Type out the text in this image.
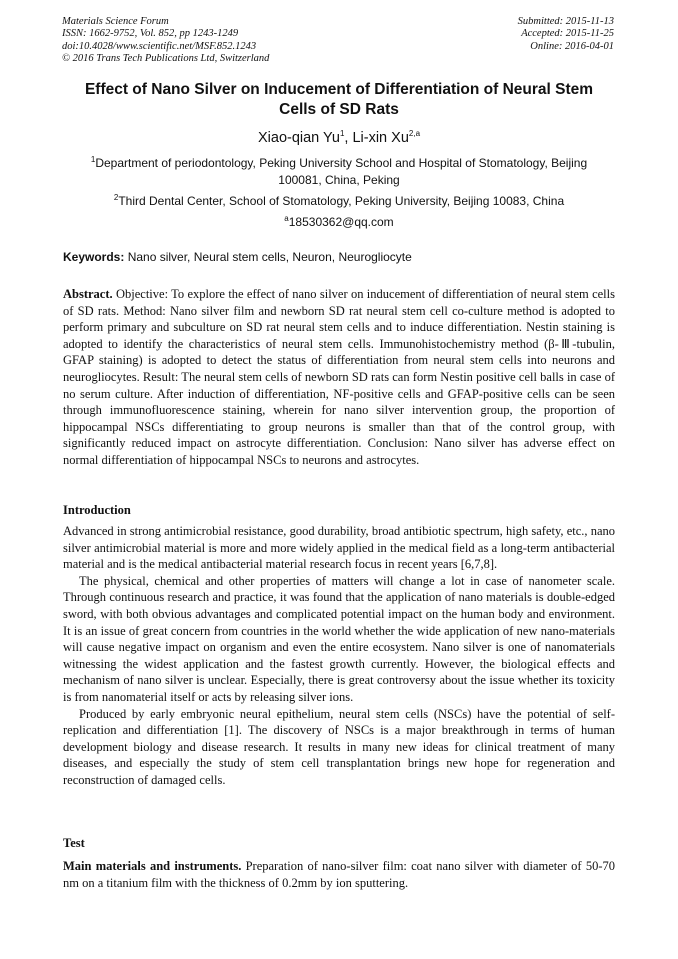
Materials Science Forum
ISSN: 1662-9752, Vol. 852, pp 1243-1249
doi:10.4028/www.scientific.net/MSF.852.1243
© 2016 Trans Tech Publications Ltd, Switzerland
Submitted: 2015-11-13
Accepted: 2015-11-25
Online: 2016-04-01
Effect of Nano Silver on Inducement of Differentiation of Neural Stem Cells of SD Rats
Xiao-qian Yu$^1$, Li-xin Xu$^{2,a}$
$^1$Department of periodontology, Peking University School and Hospital of Stomatology, Beijing 100081, China, Peking
$^2$Third Dental Center, School of Stomatology, Peking University, Beijing 10083, China
$^a$18530362@qq.com
Keywords: Nano silver, Neural stem cells, Neuron, Neurogliocyte
Abstract. Objective: To explore the effect of nano silver on inducement of differentiation of neural stem cells of SD rats. Method: Nano silver film and newborn SD rat neural stem cell co-culture method is adopted to perform primary and subculture on SD rat neural stem cells and to induce differentiation. Nestin staining is adopted to identify the characteristics of neural stem cells. Immunohistochemistry method (β-Ⅲ-tubulin, GFAP staining) is adopted to detect the status of differentiation from neural stem cells into neurons and neurogliocytes. Result: The neural stem cells of newborn SD rats can form Nestin positive cell balls in case of no serum culture. After induction of differentiation, NF-positive cells and GFAP-positive cells can be seen through immunofluorescence staining, wherein for nano silver intervention group, the proportion of hippocampal NSCs differentiating to group neurons is smaller than that of the control group, with significantly reduced impact on astrocyte differentiation. Conclusion: Nano silver has adverse effect on normal differentiation of hippocampal NSCs to neurons and astrocytes.
Introduction

Advanced in strong antimicrobial resistance, good durability, broad antibiotic spectrum, high safety, etc., nano silver antimicrobial material is more and more widely applied in the medical field as a long-term antibacterial material and is the medical antibacterial material research focus in recent years [6,7,8].

The physical, chemical and other properties of matters will change a lot in case of nanometer scale. Through continuous research and practice, it was found that the application of nano materials is double-edged sword, with both obvious advantages and complicated potential impact on the human body and environment. It is an issue of great concern from countries in the world whether the wide application of new nano-materials will cause negative impact on organism and even the entire ecosystem. Nano silver is one of nanomaterials witnessing the widest application and the fastest growth currently. However, the biological effects and mechanism of nano silver is unclear. Especially, there is great controversy about the issue whether its toxicity is from nanomaterial itself or acts by releasing silver ions.

Produced by early embryonic neural epithelium, neural stem cells (NSCs) have the potential of self-replication and differentiation [1]. The discovery of NSCs is a major breakthrough in terms of human development biology and disease research. It results in many new ideas for clinical treatment of many diseases, and especially the study of stem cell transplantation brings new hope for regeneration and reconstruction of damaged cells.

Test
Main materials and instruments. Preparation of nano-silver film: coat nano silver with diameter of 50-70 nm on a titanium film with the thickness of 0.2mm by ion sputtering.
